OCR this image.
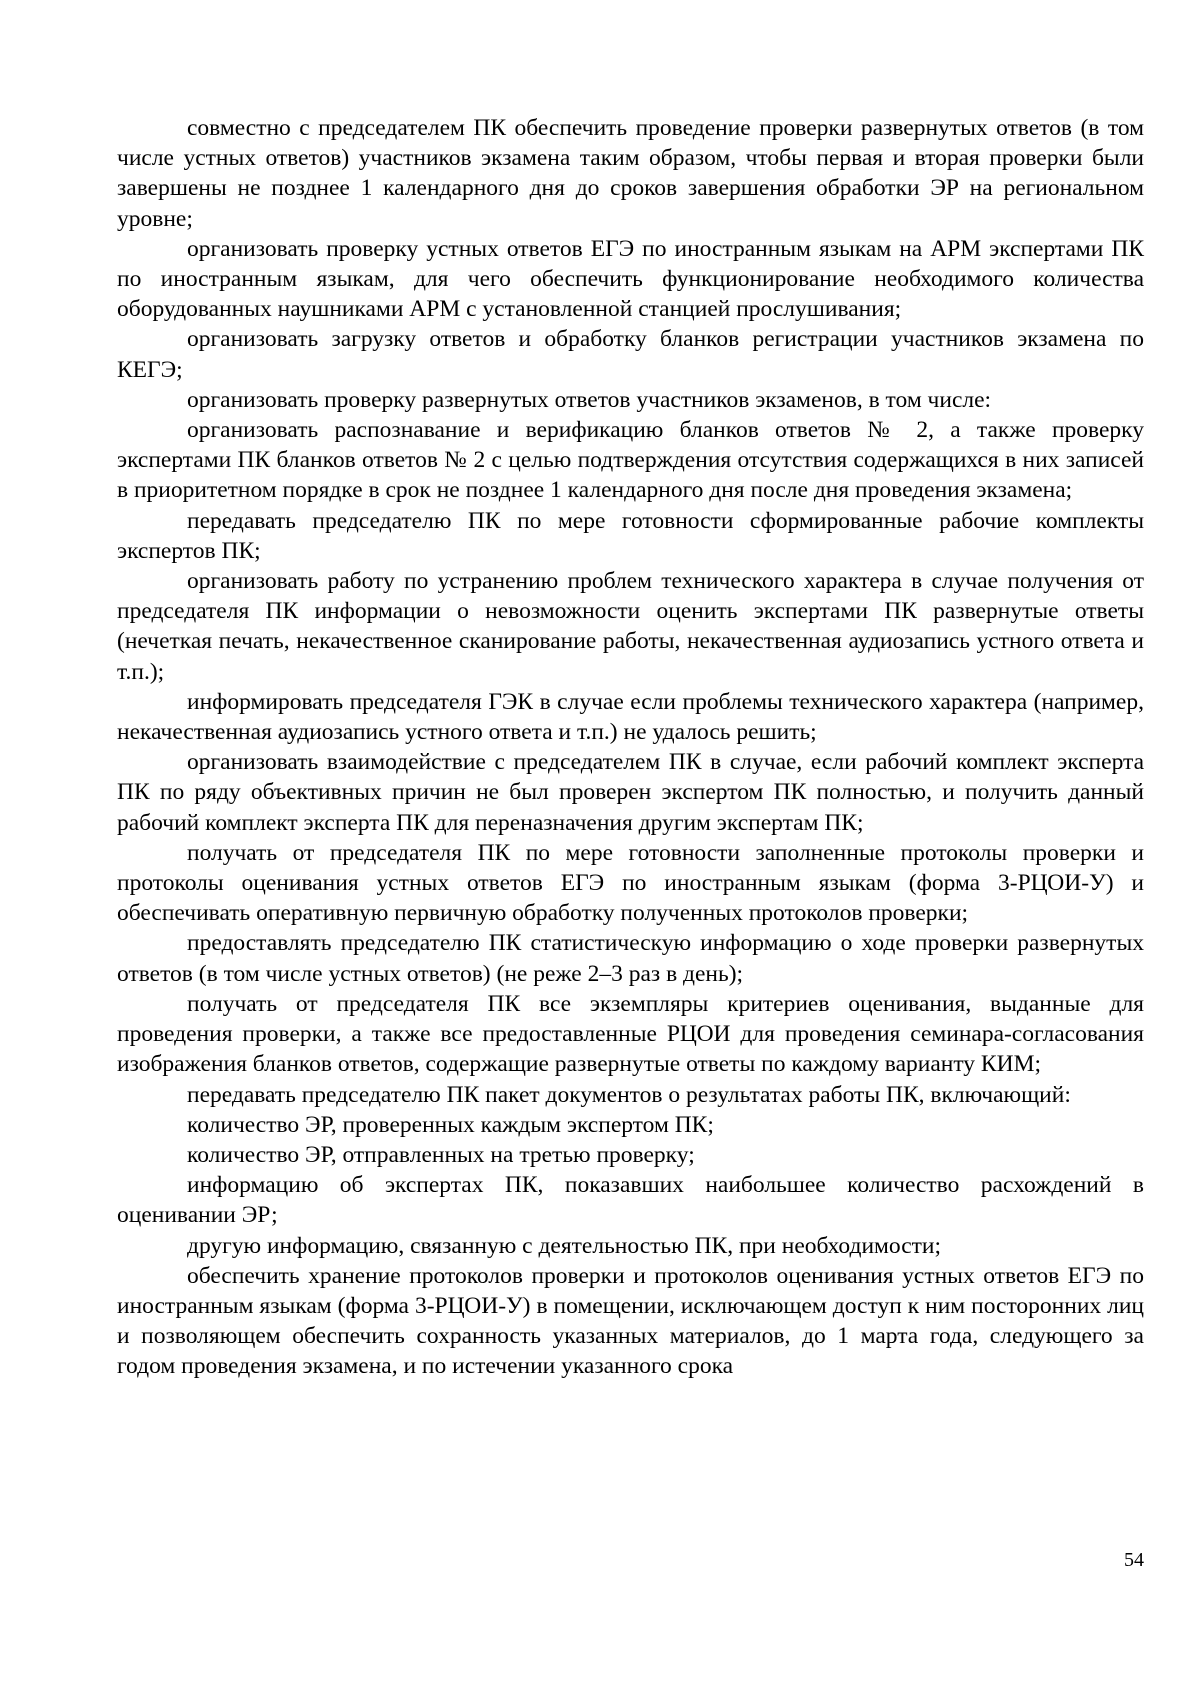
совместно с председателем ПК обеспечить проведение проверки развернутых ответов (в том числе устных ответов) участников экзамена таким образом, чтобы первая и вторая проверки были завершены не позднее 1 календарного дня до сроков завершения обработки ЭР на региональном уровне;

организовать проверку устных ответов ЕГЭ по иностранным языкам на АРМ экспертами ПК по иностранным языкам, для чего обеспечить функционирование необходимого количества оборудованных наушниками АРМ с установленной станцией прослушивания;

организовать загрузку ответов и обработку бланков регистрации участников экзамена по КЕГЭ;

организовать проверку развернутых ответов участников экзаменов, в том числе:

организовать распознавание и верификацию бланков ответов № 2, а также проверку экспертами ПК бланков ответов № 2 с целью подтверждения отсутствия содержащихся в них записей в приоритетном порядке в срок не позднее 1 календарного дня после дня проведения экзамена;

передавать председателю ПК по мере готовности сформированные рабочие комплекты экспертов ПК;

организовать работу по устранению проблем технического характера в случае получения от председателя ПК информации о невозможности оценить экспертами ПК развернутые ответы (нечеткая печать, некачественное сканирование работы, некачественная аудиозапись устного ответа и т.п.);

информировать председателя ГЭК в случае если проблемы технического характера (например, некачественная аудиозапись устного ответа и т.п.) не удалось решить;

организовать взаимодействие с председателем ПК в случае, если рабочий комплект эксперта ПК по ряду объективных причин не был проверен экспертом ПК полностью, и получить данный рабочий комплект эксперта ПК для переназначения другим экспертам ПК;

получать от председателя ПК по мере готовности заполненные протоколы проверки и протоколы оценивания устных ответов ЕГЭ по иностранным языкам (форма 3-РЦОИ-У) и обеспечивать оперативную первичную обработку полученных протоколов проверки;

предоставлять председателю ПК статистическую информацию о ходе проверки развернутых ответов (в том числе устных ответов) (не реже 2–3 раз в день);

получать от председателя ПК все экземпляры критериев оценивания, выданные для проведения проверки, а также все предоставленные РЦОИ для проведения семинара-согласования изображения бланков ответов, содержащие развернутые ответы по каждому варианту КИМ;

передавать председателю ПК пакет документов о результатах работы ПК, включающий:

количество ЭР, проверенных каждым экспертом ПК;

количество ЭР, отправленных на третью проверку;

информацию об экспертах ПК, показавших наибольшее количество расхождений в оценивании ЭР;

другую информацию, связанную с деятельностью ПК, при необходимости;

обеспечить хранение протоколов проверки и протоколов оценивания устных ответов ЕГЭ по иностранным языкам (форма 3-РЦОИ-У) в помещении, исключающем доступ к ним посторонних лиц и позволяющем обеспечить сохранность указанных материалов, до 1 марта года, следующего за годом проведения экзамена, и по истечении указанного срока

54
